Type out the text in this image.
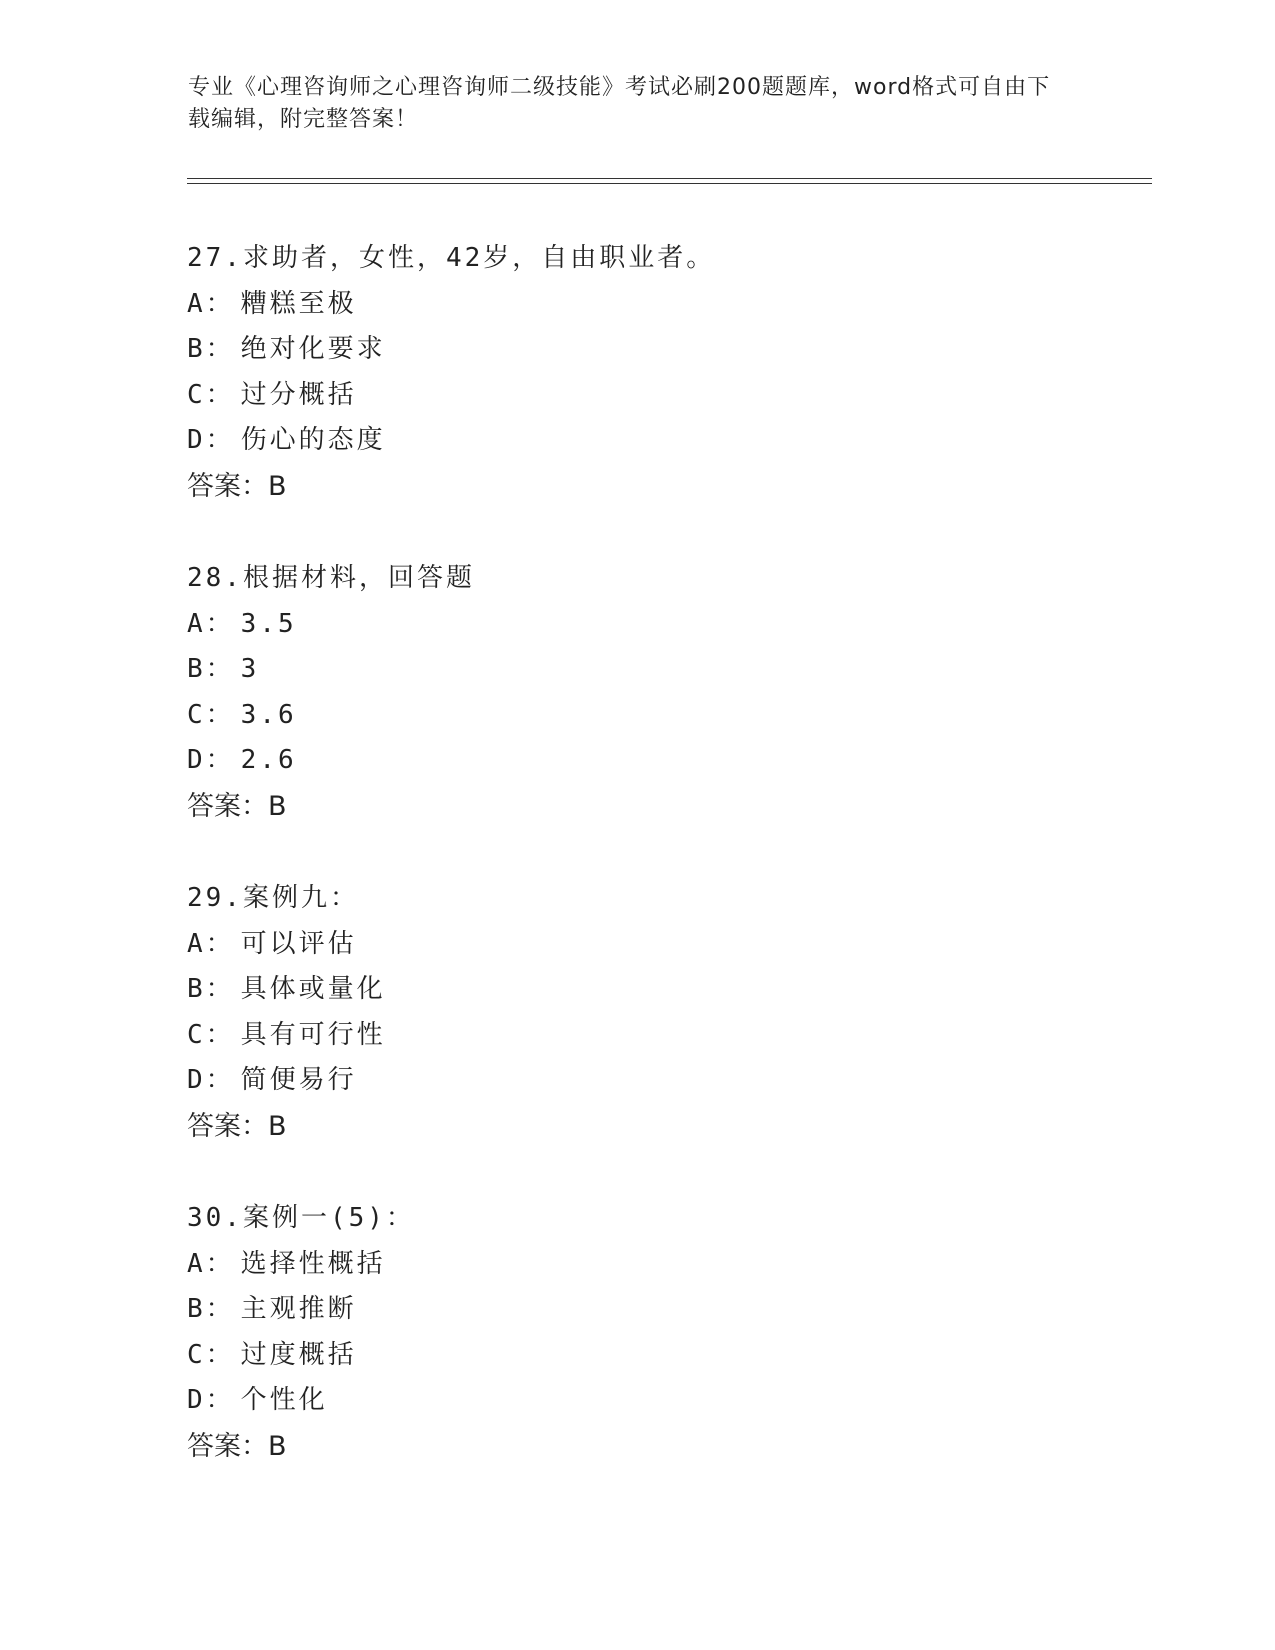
专业《心理咨询师之心理咨询师二级技能》考试必刷200题题库，word格式可自由下载编辑，附完整答案！
27.求助者，女性，42岁，自由职业者。
A： 糟糕至极
B： 绝对化要求
C： 过分概括
D： 伤心的态度
答案：B
28.根据材料，回答题
A： 3.5
B： 3
C： 3.6
D： 2.6
答案：B
29.案例九：
A： 可以评估
B： 具体或量化
C： 具有可行性
D： 简便易行
答案：B
30.案例一(5)：
A： 选择性概括
B： 主观推断
C： 过度概括
D： 个性化
答案：B
